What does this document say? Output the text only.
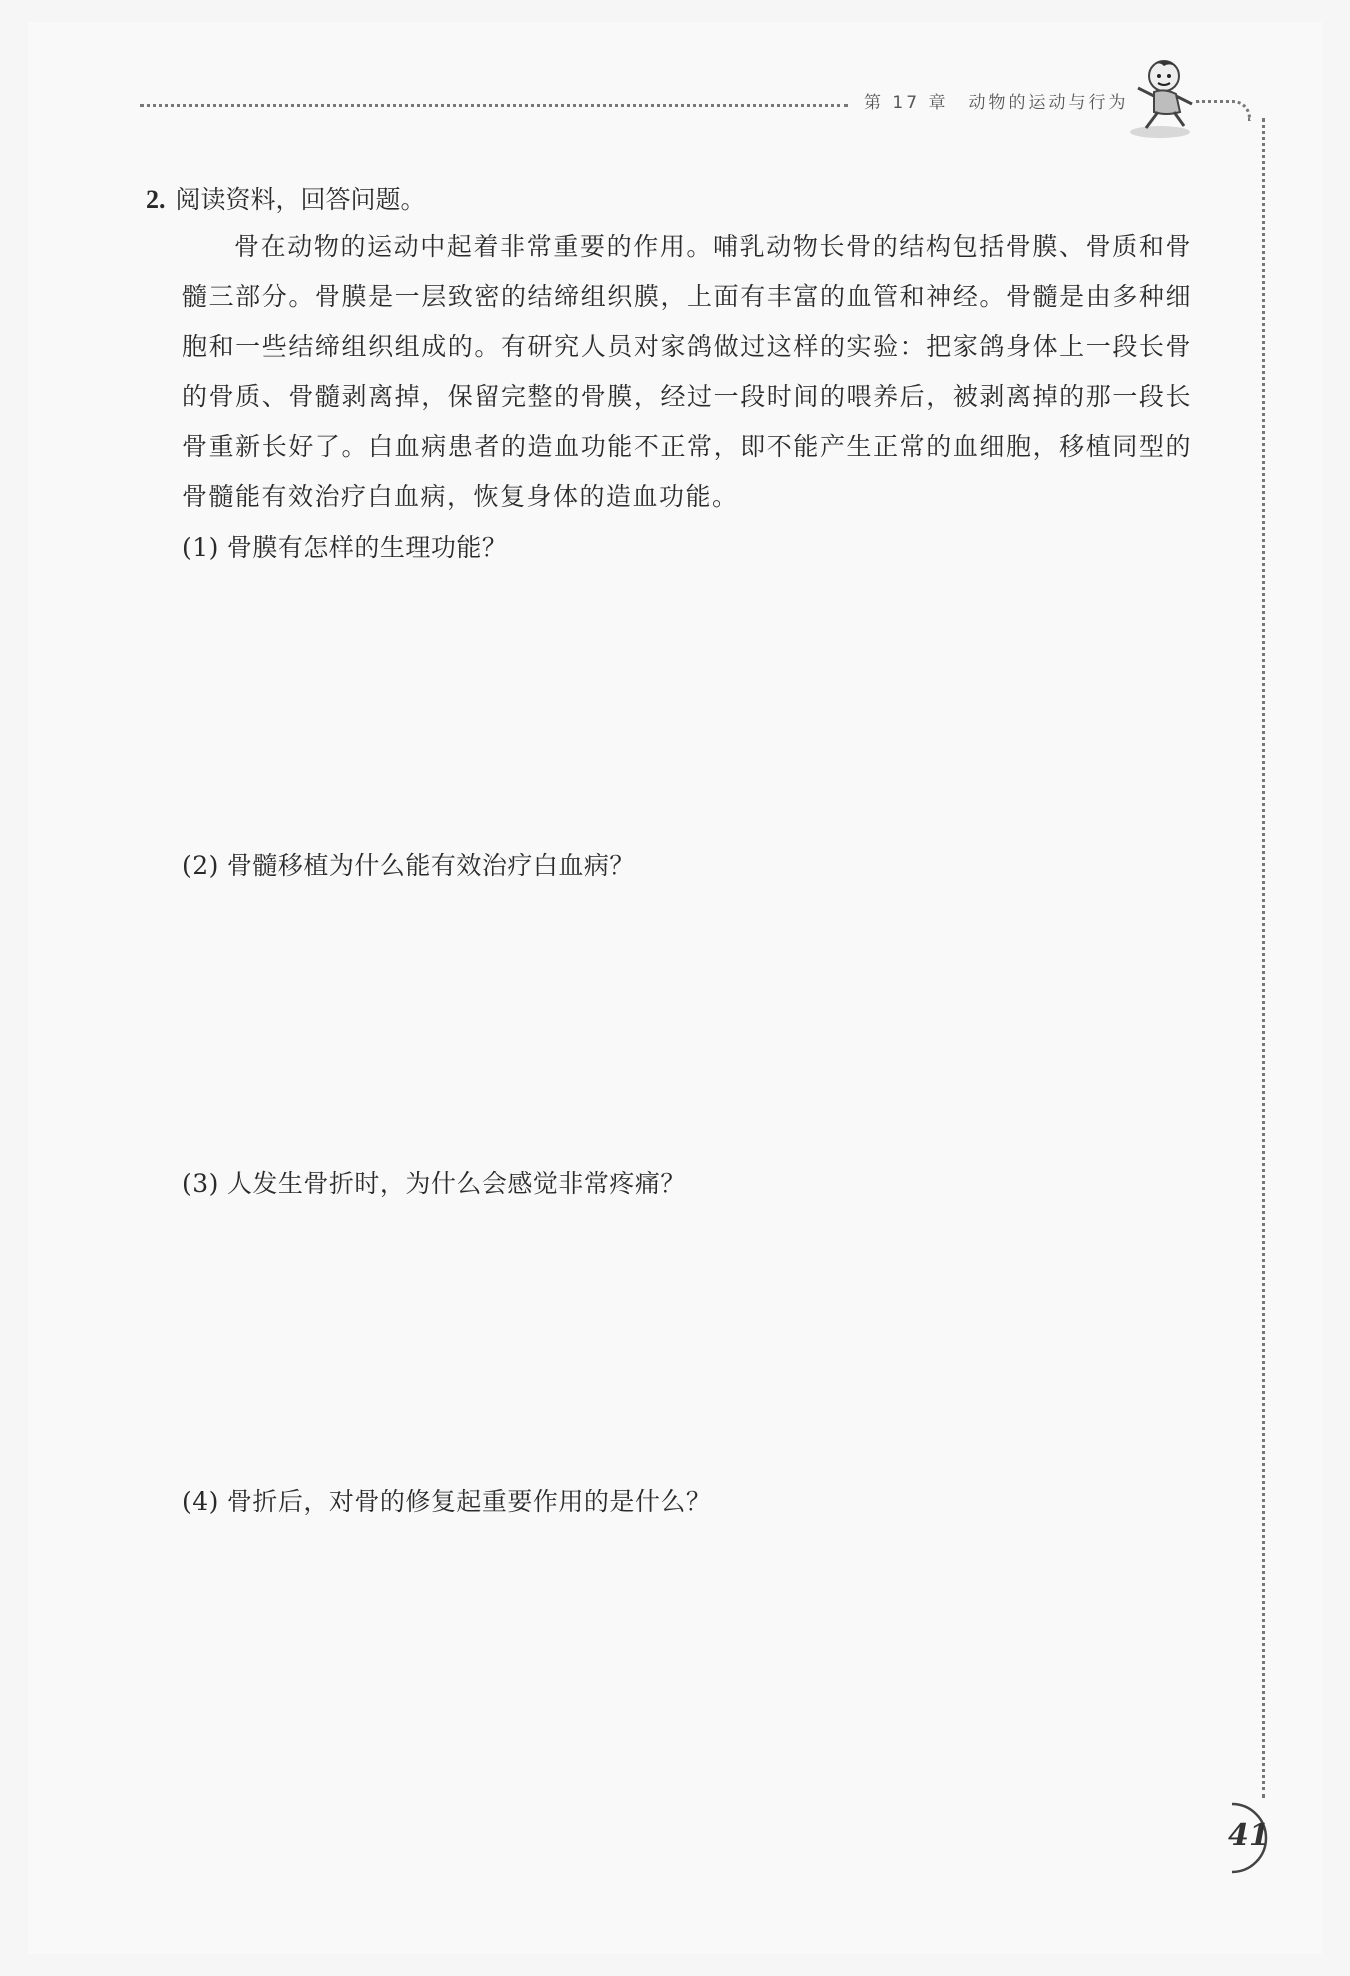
第 17 章 动物的运动与行为
2. 阅读资料，回答问题。
骨在动物的运动中起着非常重要的作用。哺乳动物长骨的结构包括骨膜、骨质和骨髓三部分。骨膜是一层致密的结缔组织膜，上面有丰富的血管和神经。骨髓是由多种细胞和一些结缔组织组成的。有研究人员对家鸽做过这样的实验：把家鸽身体上一段长骨的骨质、骨髓剥离掉，保留完整的骨膜，经过一段时间的喂养后，被剥离掉的那一段长骨重新长好了。白血病患者的造血功能不正常，即不能产生正常的血细胞，移植同型的骨髓能有效治疗白血病，恢复身体的造血功能。
(1) 骨膜有怎样的生理功能？
(2) 骨髓移植为什么能有效治疗白血病？
(3) 人发生骨折时，为什么会感觉非常疼痛？
(4) 骨折后，对骨的修复起重要作用的是什么？
41
